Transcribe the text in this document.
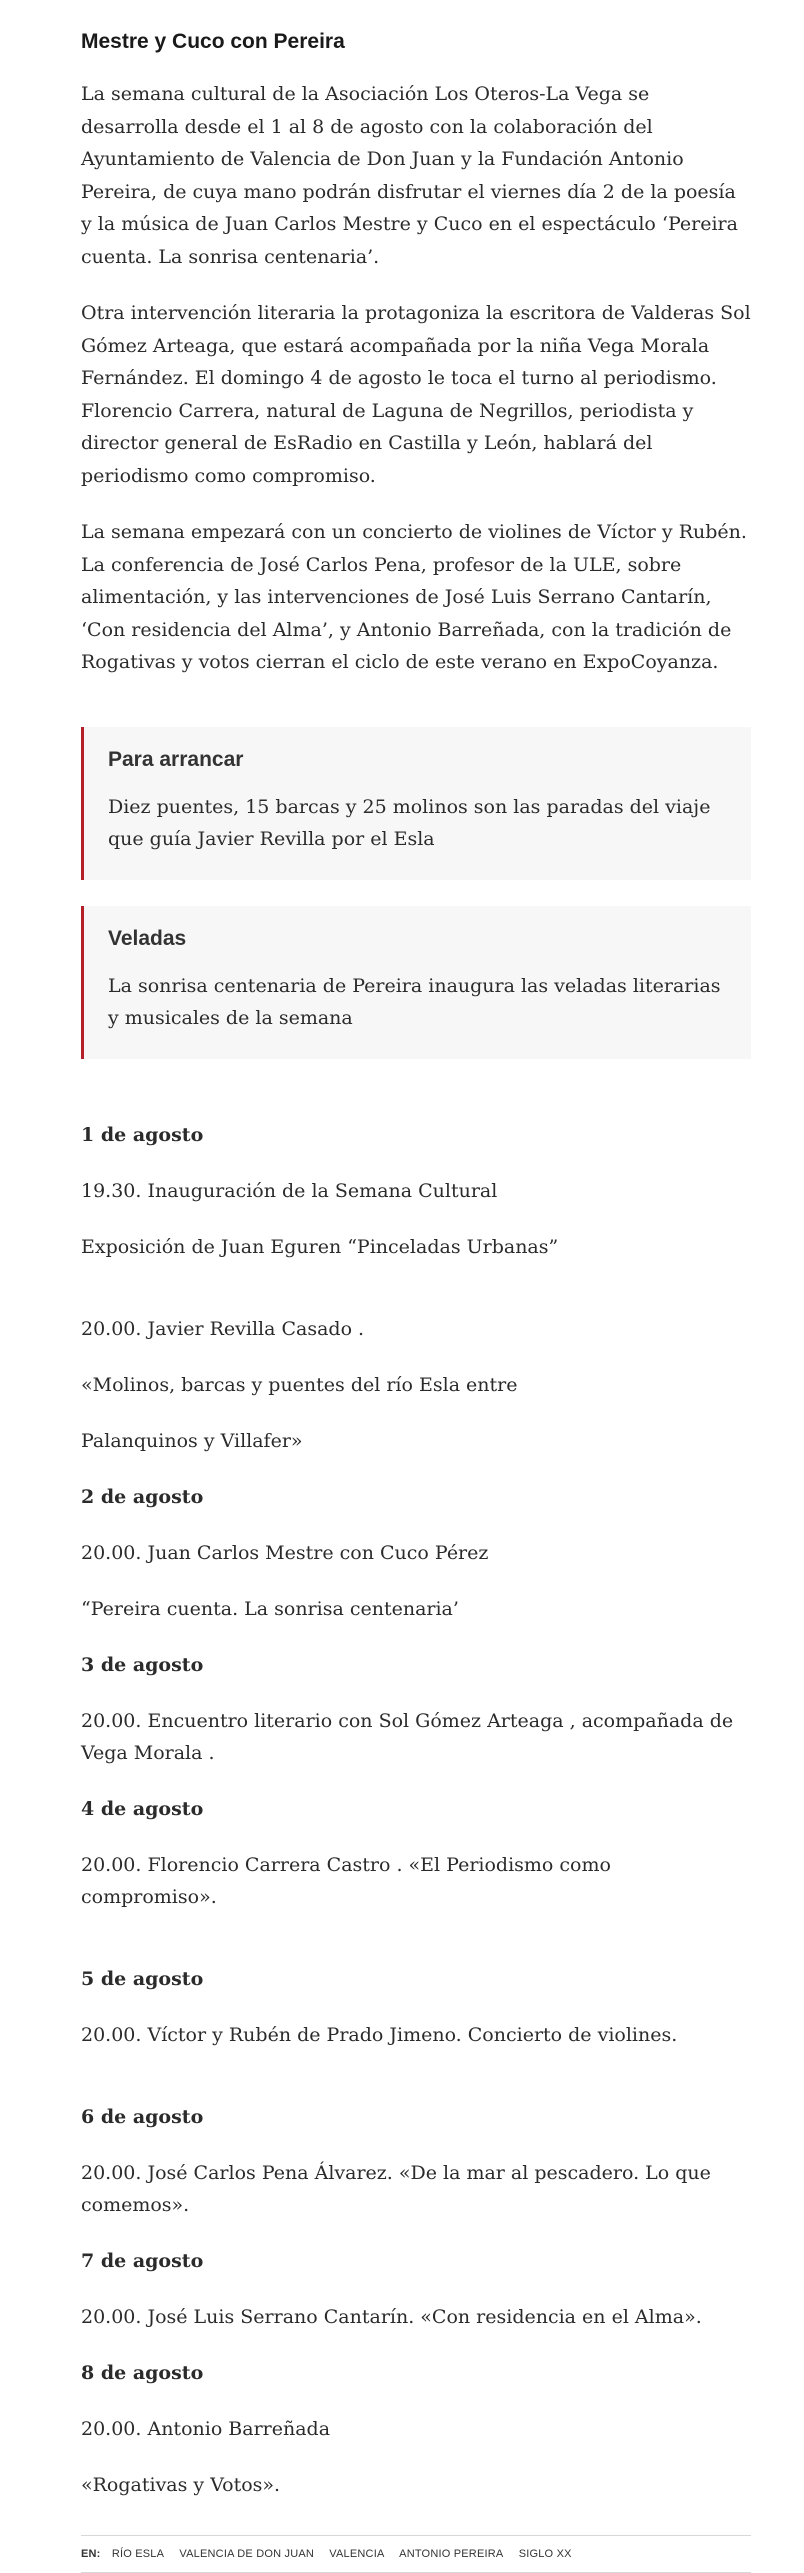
Mestre y Cuco con Pereira

La semana cultural de la Asociación Los Oteros-La Vega se desarrolla desde el 1 al 8 de agosto con la colaboración del Ayuntamiento de Valencia de Don Juan y la Fundación Antonio Pereira, de cuya mano podrán disfrutar el viernes día 2 de la poesía y la música de Juan Carlos Mestre y Cuco en el espectáculo ‘Pereira cuenta. La sonrisa centenaria’.

Otra intervención literaria la protagoniza la escritora de Valderas Sol Gómez Arteaga, que estará acompañada por la niña Vega Morala Fernández. El domingo 4 de agosto le toca el turno al periodismo. Florencio Carrera, natural de Laguna de Negrillos, periodista y director general de EsRadio en Castilla y León, hablará del periodismo como compromiso.

La semana empezará con un concierto de violines de Víctor y Rubén. La conferencia de José Carlos Pena, profesor de la ULE, sobre alimentación, y las intervenciones de José Luis Serrano Cantarín, ‘Con residencia del Alma’, y Antonio Barreñada, con la tradición de Rogativas y votos cierran el ciclo de este verano en ExpoCoyanza.

Para arrancar

Diez puentes, 15 barcas y 25 molinos son las paradas del viaje que guía Javier Revilla por el Esla

Veladas

La sonrisa centenaria de Pereira inaugura las veladas literarias y musicales de la semana

1 de agosto

19.30. Inauguración de la Semana Cultural

Exposición de Juan Eguren “Pinceladas Urbanas”

20.00. Javier Revilla Casado .

«Molinos, barcas y puentes del río Esla entre

Palanquinos y Villafer»

2 de agosto

20.00. Juan Carlos Mestre con Cuco Pérez

“Pereira cuenta. La sonrisa centenaria’

3 de agosto

20.00. Encuentro literario con Sol Gómez Arteaga , acompañada de Vega Morala .

4 de agosto

20.00. Florencio Carrera Castro . «El Periodismo como compromiso».

5 de agosto

20.00. Víctor y Rubén de Prado Jimeno. Concierto de violines.

6 de agosto

20.00. José Carlos Pena Álvarez. «De la mar al pescadero. Lo que comemos».

7 de agosto

20.00. José Luis Serrano Cantarín. «Con residencia en el Alma».

8 de agosto

20.00. Antonio Barreñada

«Rogativas y Votos».

EN: RÍO ESLA VALENCIA DE DON JUAN VALENCIA ANTONIO PEREIRA SIGLO XX
